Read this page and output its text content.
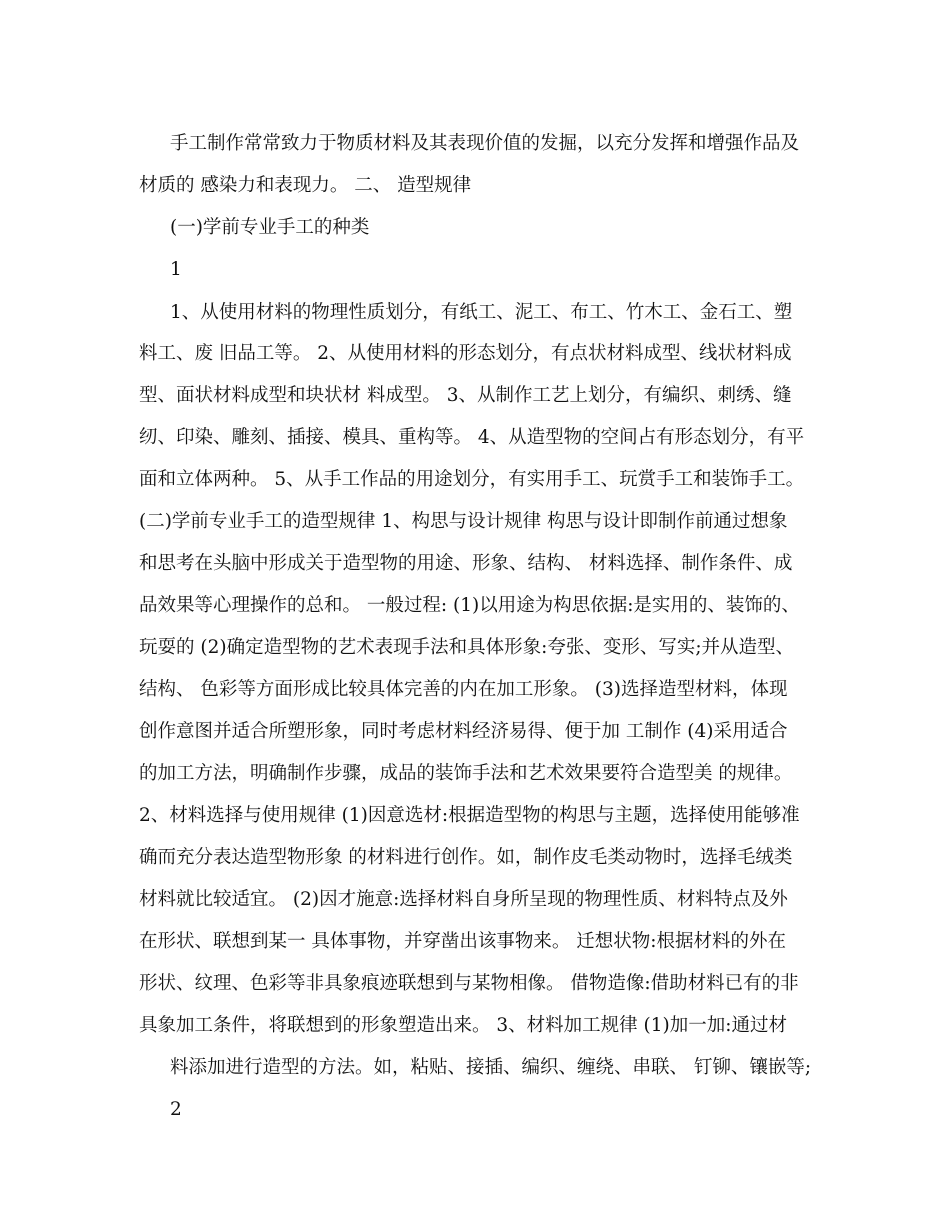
手工制作常常致力于物质材料及其表现价值的发掘，以充分发挥和增强作品及
材质的 感染力和表现力。 二、 造型规律
(一)学前专业手工的种类
1
1、从使用材料的物理性质划分，有纸工、泥工、布工、竹木工、金石工、塑
料工、废 旧品工等。 2、从使用材料的形态划分，有点状材料成型、线状材料成
型、面状材料成型和块状材 料成型。 3、从制作工艺上划分，有编织、刺绣、缝
纫、印染、雕刻、插接、模具、重构等。 4、从造型物的空间占有形态划分，有平
面和立体两种。 5、从手工作品的用途划分，有实用手工、玩赏手工和装饰手工。
(二)学前专业手工的造型规律 1、构思与设计规律 构思与设计即制作前通过想象
和思考在头脑中形成关于造型物的用途、形象、结构、 材料选择、制作条件、成
品效果等心理操作的总和。 一般过程: (1)以用途为构思依据:是实用的、装饰的、
玩耍的 (2)确定造型物的艺术表现手法和具体形象:夸张、变形、写实;并从造型、
结构、 色彩等方面形成比较具体完善的内在加工形象。 (3)选择造型材料，体现
创作意图并适合所塑形象，同时考虑材料经济易得、便于加 工制作 (4)采用适合
的加工方法，明确制作步骤，成品的装饰手法和艺术效果要符合造型美 的规律。
2、材料选择与使用规律 (1)因意选材:根据造型物的构思与主题，选择使用能够准
确而充分表达造型物形象 的材料进行创作。如，制作皮毛类动物时，选择毛绒类
材料就比较适宜。 (2)因才施意:选择材料自身所呈现的物理性质、材料特点及外
在形状、联想到某一 具体事物，并穿凿出该事物来。 迁想状物:根据材料的外在
形状、纹理、色彩等非具象痕迹联想到与某物相像。 借物造像:借助材料已有的非
具象加工条件，将联想到的形象塑造出来。 3、材料加工规律 (1)加一加:通过材
料添加进行造型的方法。如，粘贴、接插、编织、缠绕、串联、 钉铆、镶嵌等;
2
